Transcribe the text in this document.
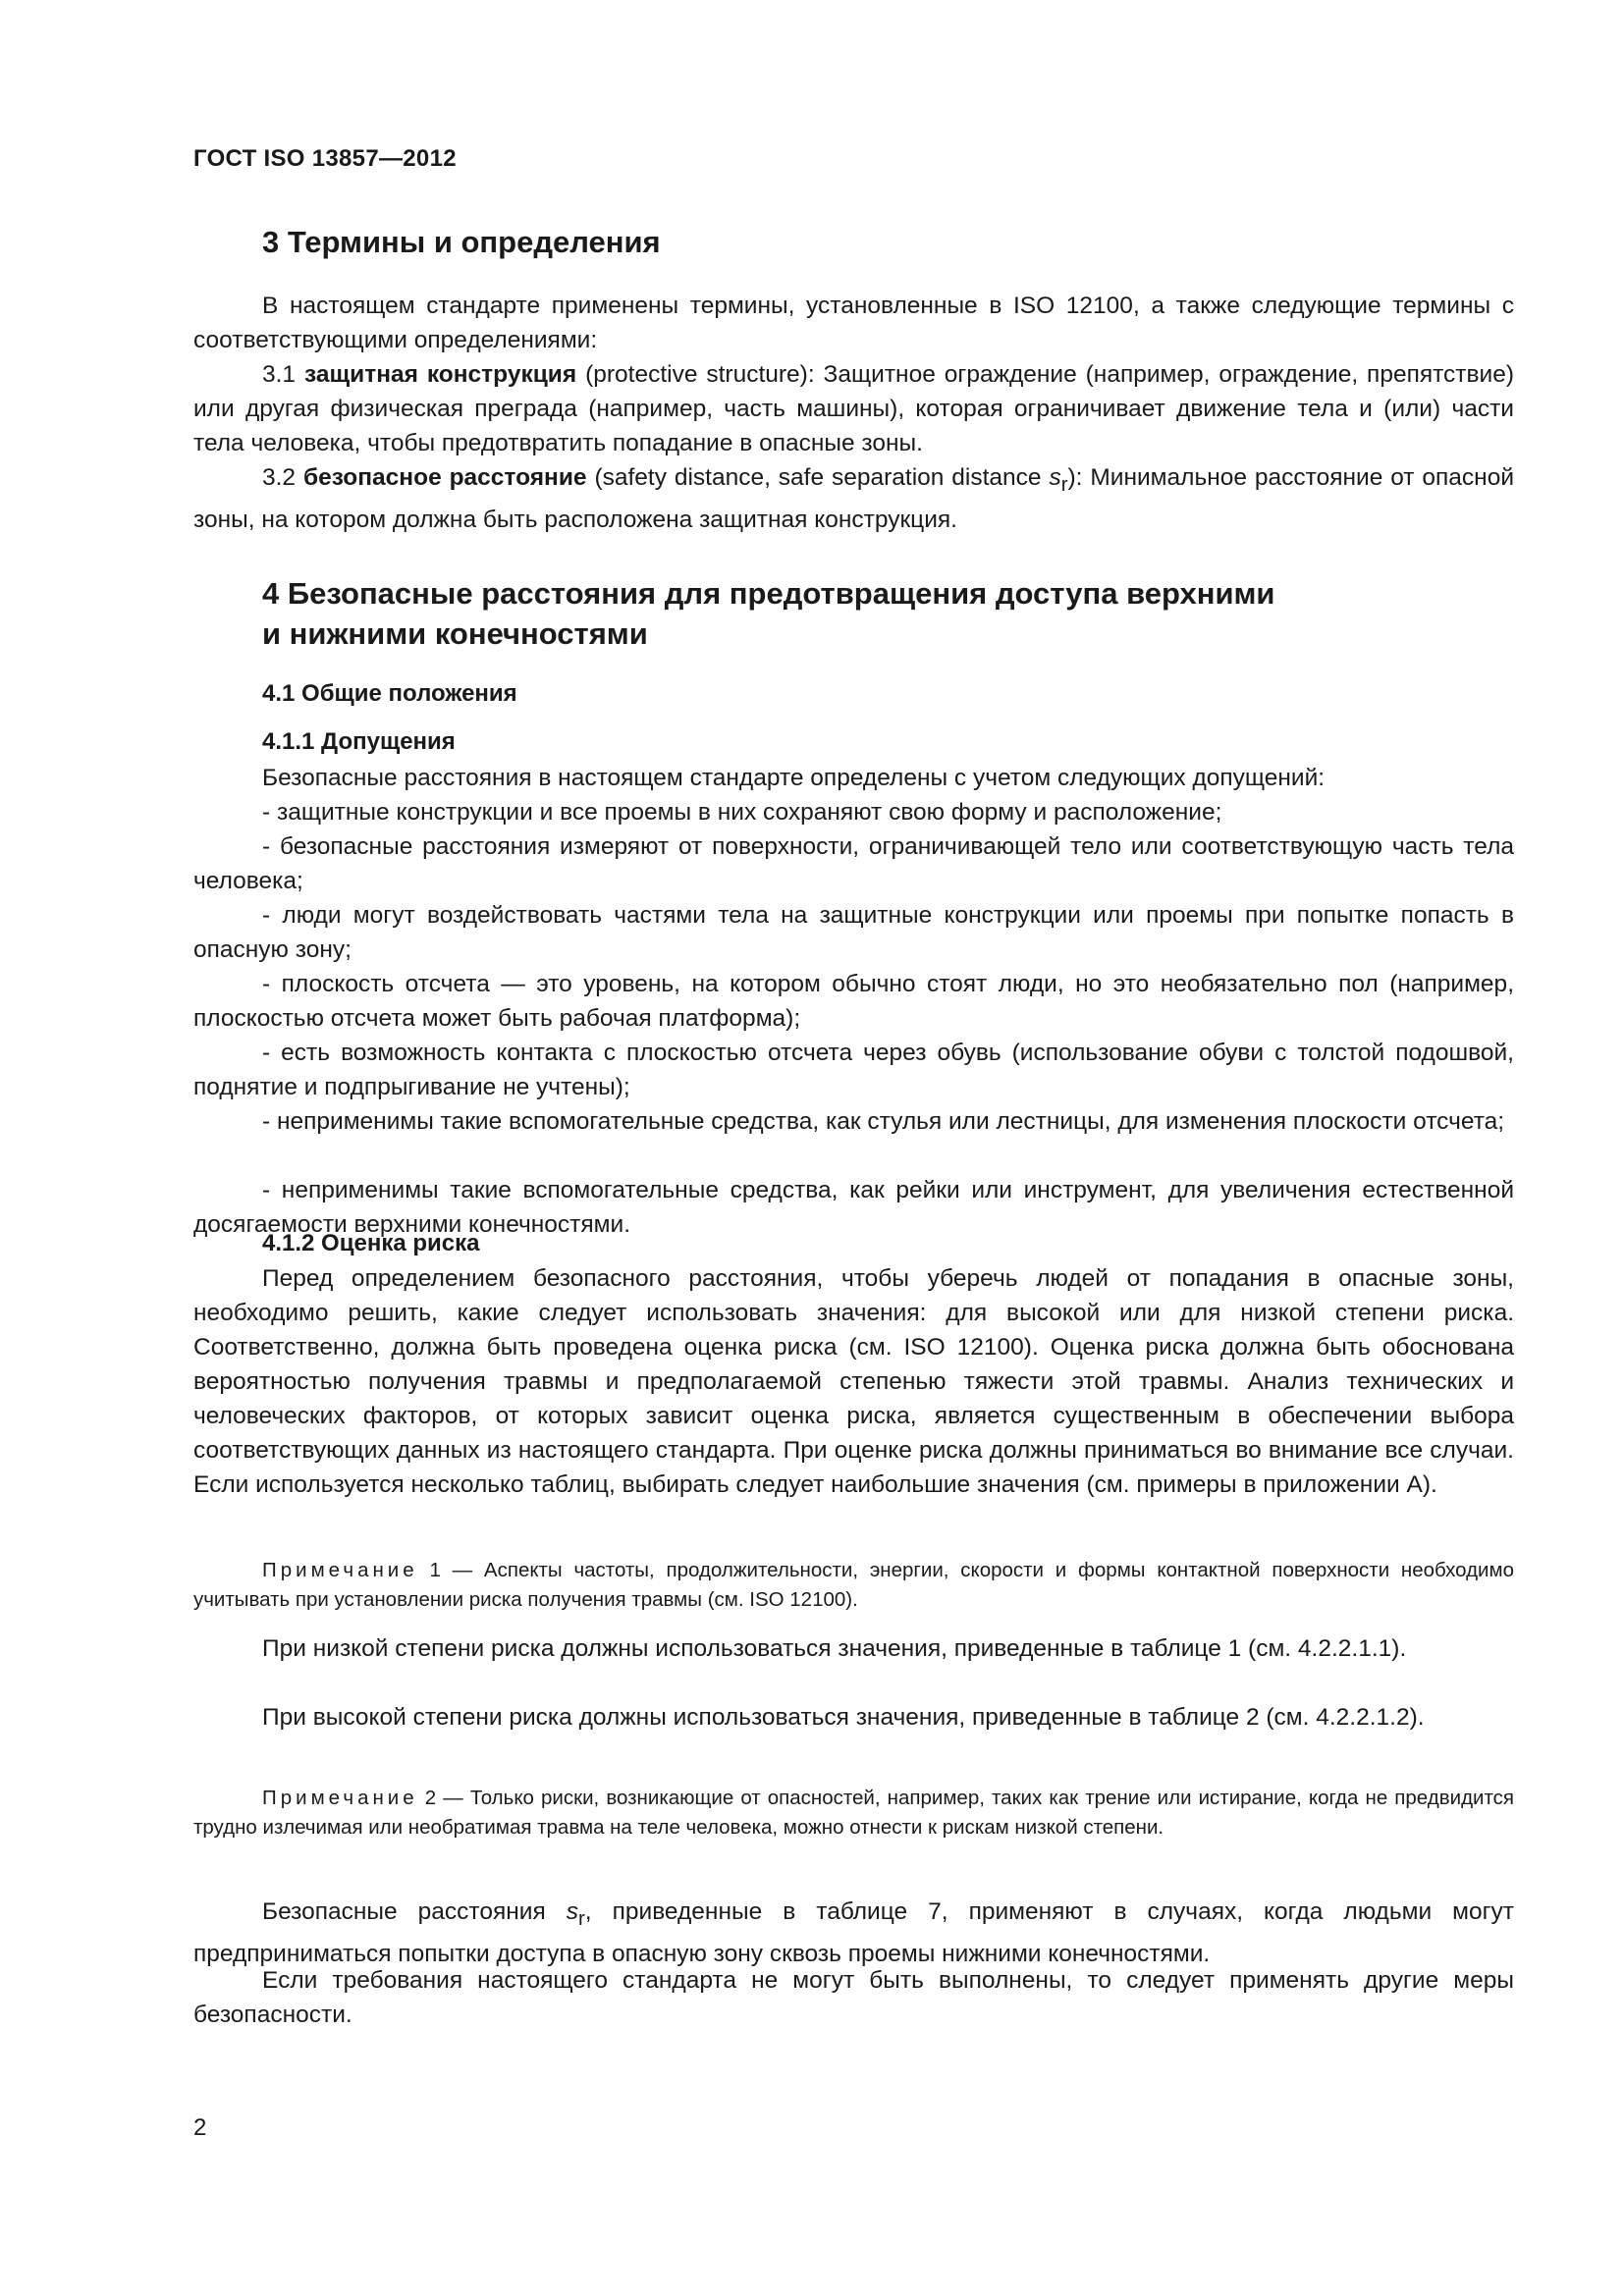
ГОСТ ISO 13857—2012
3 Термины и определения

В настоящем стандарте применены термины, установленные в ISO 12100, а также следующие термины с соответствующими определениями:

3.1 защитная конструкция (protective structure): Защитное ограждение (например, ограждение, препятствие) или другая физическая преграда (например, часть машины), которая ограничивает движение тела и (или) части тела человека, чтобы предотвратить попадание в опасные зоны.

3.2 безопасное расстояние (safety distance, safe separation distance $s_r$): Минимальное расстояние от опасной зоны, на котором должна быть расположена защитная конструкция.

4 Безопасные расстояния для предотвращения доступа верхними
и нижними конечностями
4.1 Общие положения
4.1.1 Допущения

Безопасные расстояния в настоящем стандарте определены с учетом следующих допущений:

- защитные конструкции и все проемы в них сохраняют свою форму и расположение;

- безопасные расстояния измеряют от поверхности, ограничивающей тело или соответствующую часть тела человека;

- люди могут воздействовать частями тела на защитные конструкции или проемы при попытке попасть в опасную зону;

- плоскость отсчета — это уровень, на котором обычно стоят люди, но это необязательно пол (например, плоскостью отсчета может быть рабочая платформа);

- есть возможность контакта с плоскостью отсчета через обувь (использование обуви с толстой подошвой, поднятие и подпрыгивание не учтены);

- неприменимы такие вспомогательные средства, как стулья или лестницы, для изменения плоскости отсчета;

- неприменимы такие вспомогательные средства, как рейки или инструмент, для увеличения естественной досягаемости верхними конечностями.

4.1.2 Оценка риска

Перед определением безопасного расстояния, чтобы уберечь людей от попадания в опасные зоны, необходимо решить, какие следует использовать значения: для высокой или для низкой степени риска. Соответственно, должна быть проведена оценка риска (см. ISO 12100). Оценка риска должна быть обоснована вероятностью получения травмы и предполагаемой степенью тяжести этой травмы. Анализ технических и человеческих факторов, от которых зависит оценка риска, является существенным в обеспечении выбора соответствующих данных из настоящего стандарта. При оценке риска должны приниматься во внимание все случаи. Если используется несколько таблиц, выбирать следует наибольшие значения (см. примеры в приложении А).

Примечание 1 — Аспекты частоты, продолжительности, энергии, скорости и формы контактной поверхности необходимо учитывать при установлении риска получения травмы (см. ISO 12100).

При низкой степени риска должны использоваться значения, приведенные в таблице 1 (см. 4.2.2.1.1).

При высокой степени риска должны использоваться значения, приведенные в таблице 2 (см. 4.2.2.1.2).

Примечание 2 — Только риски, возникающие от опасностей, например, таких как трение или истирание, когда не предвидится трудно излечимая или необратимая травма на теле человека, можно отнести к рискам низкой степени.

Безопасные расстояния $s_r$, приведенные в таблице 7, применяют в случаях, когда людьми могут предприниматься попытки доступа в опасную зону сквозь проемы нижними конечностями.

Если требования настоящего стандарта не могут быть выполнены, то следует применять другие меры безопасности.

2
